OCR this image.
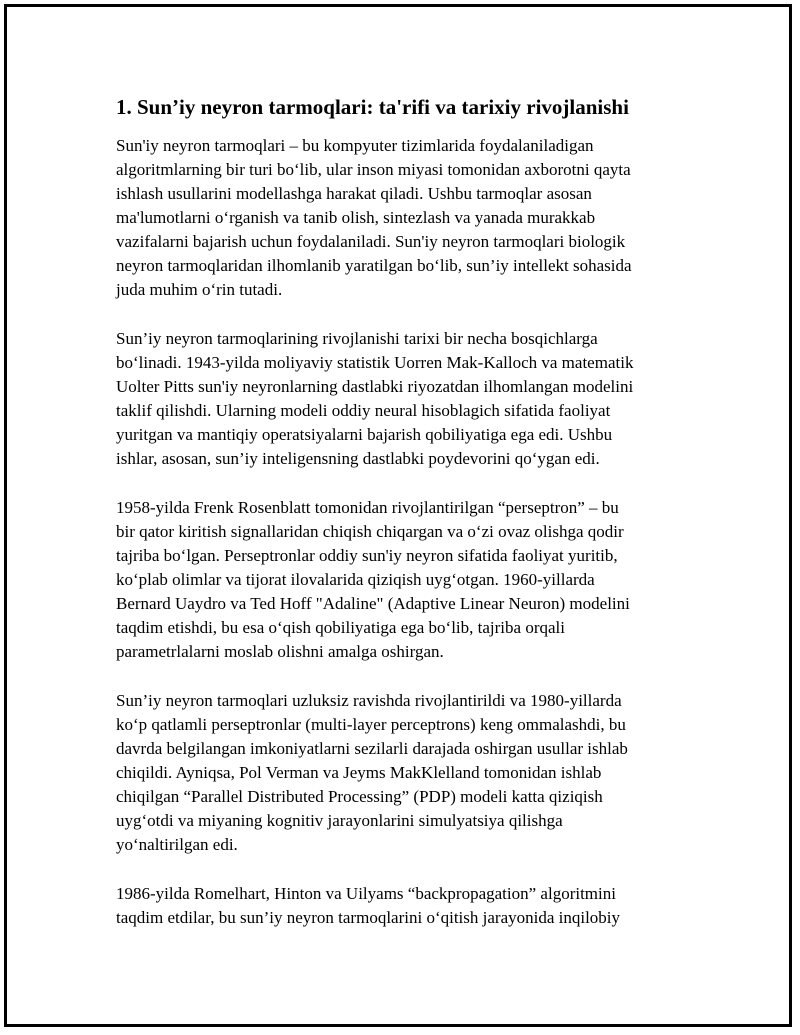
1. Sun’iy neyron tarmoqlari: ta'rifi va tarixiy rivojlanishi
Sun'iy neyron tarmoqlari – bu kompyuter tizimlarida foydalaniladigan
algoritmlarning bir turi bo‘lib, ular inson miyasi tomonidan axborotni qayta
ishlash usullarini modellashga harakat qiladi. Ushbu tarmoqlar asosan
ma'lumotlarni o‘rganish va tanib olish, sintezlash va yanada murakkab
vazifalarni bajarish uchun foydalaniladi. Sun'iy neyron tarmoqlari biologik
neyron tarmoqlaridan ilhomlanib yaratilgan bo‘lib, sun’iy intellekt sohasida
juda muhim o‘rin tutadi.
Sun’iy neyron tarmoqlarining rivojlanishi tarixi bir necha bosqichlarga
bo‘linadi. 1943-yilda moliyaviy statistik Uorren Mak-Kalloch va matematik
Uolter Pitts sun'iy neyronlarning dastlabki riyozatdan ilhomlangan modelini
taklif qilishdi. Ularning modeli oddiy neural hisoblagich sifatida faoliyat
yuritgan va mantiqiy operatsiyalarni bajarish qobiliyatiga ega edi. Ushbu
ishlar, asosan, sun’iy inteligensning dastlabki poydevorini qo‘ygan edi.
1958-yilda Frenk Rosenblatt tomonidan rivojlantirilgan “perseptron” – bu
bir qator kiritish signallaridan chiqish chiqargan va o‘zi ovaz olishga qodir
tajriba bo‘lgan. Perseptronlar oddiy sun'iy neyron sifatida faoliyat yuritib,
ko‘plab olimlar va tijorat ilovalarida qiziqish uyg‘otgan. 1960-yillarda
Bernard Uaydro va Ted Hoff "Adaline" (Adaptive Linear Neuron) modelini
taqdim etishdi, bu esa o‘qish qobiliyatiga ega bo‘lib, tajriba orqali
parametrlalarni moslab olishni amalga oshirgan.
Sun’iy neyron tarmoqlari uzluksiz ravishda rivojlantirildi va 1980-yillarda
ko‘p qatlamli perseptronlar (multi-layer perceptrons) keng ommalashdi, bu
davrda belgilangan imkoniyatlarni sezilarli darajada oshirgan usullar ishlab
chiqildi. Ayniqsa, Pol Verman va Jeyms MakKlelland tomonidan ishlab
chiqilgan “Parallel Distributed Processing” (PDP) modeli katta qiziqish
uyg‘otdi va miyaning kognitiv jarayonlarini simulyatsiya qilishga
yo‘naltirilgan edi.
1986-yilda Romelhart, Hinton va Uilyams “backpropagation” algoritmini
taqdim etdilar, bu sun’iy neyron tarmoqlarini o‘qitish jarayonida inqilobiy
